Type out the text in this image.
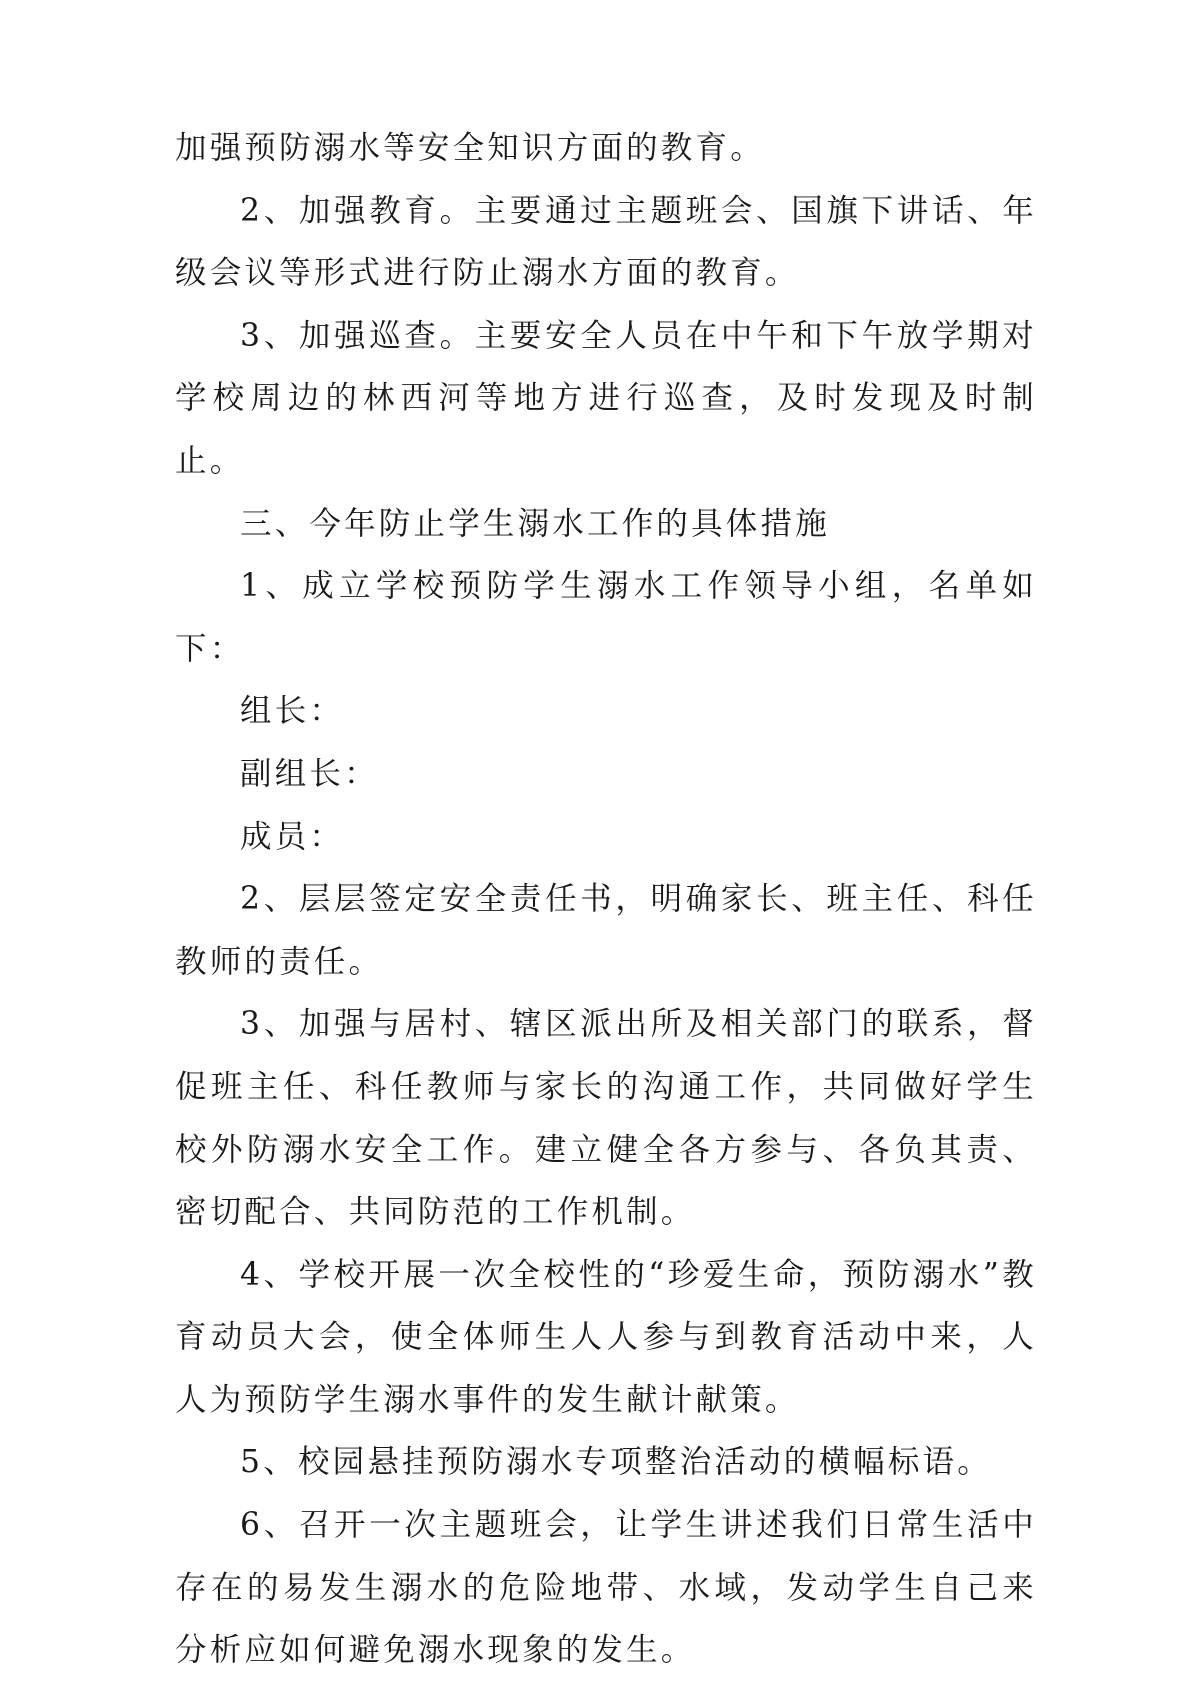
加强预防溺水等安全知识方面的教育。

2、加强教育。主要通过主题班会、国旗下讲话、年级会议等形式进行防止溺水方面的教育。

3、加强巡查。主要安全人员在中午和下午放学期对学校周边的林西河等地方进行巡查，及时发现及时制止。

三、今年防止学生溺水工作的具体措施

1、成立学校预防学生溺水工作领导小组，名单如下：

组长：

副组长：

成员：

2、层层签定安全责任书，明确家长、班主任、科任教师的责任。

3、加强与居村、辖区派出所及相关部门的联系，督促班主任、科任教师与家长的沟通工作，共同做好学生校外防溺水安全工作。建立健全各方参与、各负其责、密切配合、共同防范的工作机制。

4、学校开展一次全校性的“珍爱生命，预防溺水”教育动员大会，使全体师生人人参与到教育活动中来，人人为预防学生溺水事件的发生献计献策。

5、校园悬挂预防溺水专项整治活动的横幅标语。

6、召开一次主题班会，让学生讲述我们日常生活中存在的易发生溺水的危险地带、水域，发动学生自己来分析应如何避免溺水现象的发生。
